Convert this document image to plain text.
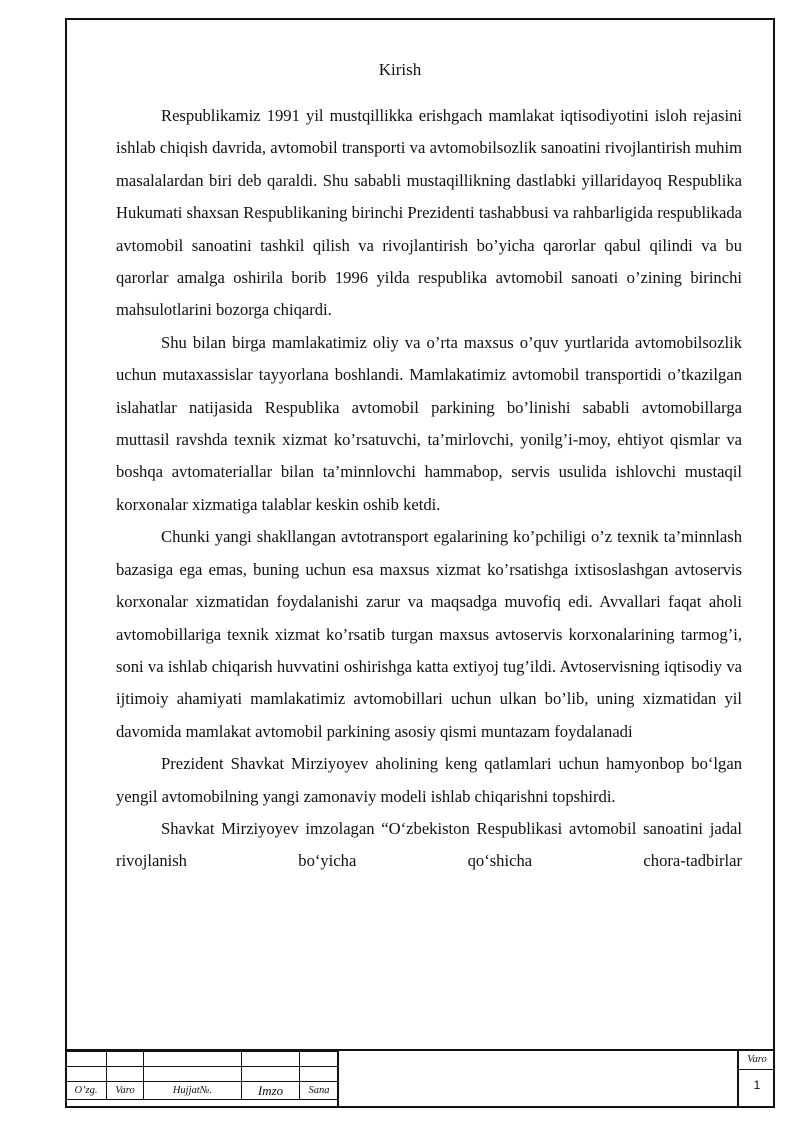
Kirish

Respublikamiz 1991 yil mustqillikka erishgach mamlakat iqtisodiyotini isloh rejasini ishlab chiqish davrida, avtomobil transporti va avtomobilsozlik sanoatini rivojlantirish muhim masalalardan biri deb qaraldi. Shu sababli mustaqillikning dastlabki yillaridayoq Respublika Hukumati shaxsan Respublikaning birinchi Prezidenti tashabbusi va rahbarligida respublikada avtomobil sanoatini tashkil qilish va rivojlantirish bo’yicha qarorlar qabul qilindi va bu qarorlar amalga oshirila borib 1996 yilda respublika avtomobil sanoati o’zining birinchi mahsulotlarini bozorga chiqardi.

Shu bilan birga mamlakatimiz oliy va o’rta maxsus o’quv yurtlarida avtomobilsozlik uchun mutaxassislar tayyorlana boshlandi. Mamlakatimiz avtomobil transportidi o’tkazilgan islahatlar natijasida Respublika avtomobil parkining bo’linishi sababli avtomobillarga muttasil ravshda texnik xizmat ko’rsatuvchi, ta’mirlovchi, yonilg’i-moy, ehtiyot qismlar va boshqa avtomateriallar bilan ta’minnlovchi hammabop, servis usulida ishlovchi mustaqil korxonalar xizmatiga talablar keskin oshib ketdi.

Chunki yangi shakllangan avtotransport egalarining ko’pchiligi o’z texnik ta’minnlash bazasiga ega emas, buning uchun esa maxsus xizmat ko’rsatishga ixtisoslashgan avtoservis korxonalar xizmatidan foydalanishi zarur va maqsadga muvofiq edi. Avvallari faqat aholi avtomobillariga texnik xizmat ko’rsatib turgan maxsus avtoservis korxonalarining tarmog’i, soni va ishlab chiqarish huvvatini oshirishga katta extiyoj tug’ildi. Avtoservisning iqtisodiy va ijtimoiy ahamiyati mamlakatimiz avtomobillari uchun ulkan bo’lib, uning xizmatidan yil davomida mamlakat avtomobil parkining asosiy qismi muntazam foydalanadi

Prezident Shavkat Mirziyoyev aholining keng qatlamlari uchun hamyonbop bo‘lgan yengil avtomobilning yangi zamonaviy modeli ishlab chiqarishni topshirdi.

Shavkat Mirziyoyev imzolagan “O‘zbekiston Respublikasi avtomobil sanoatini jadal rivojlanish bo‘yicha qo‘shicha chora-tadbirlar

O’zg.	Varo	Hujjat№.	Imzo	Sana
Varo
1
